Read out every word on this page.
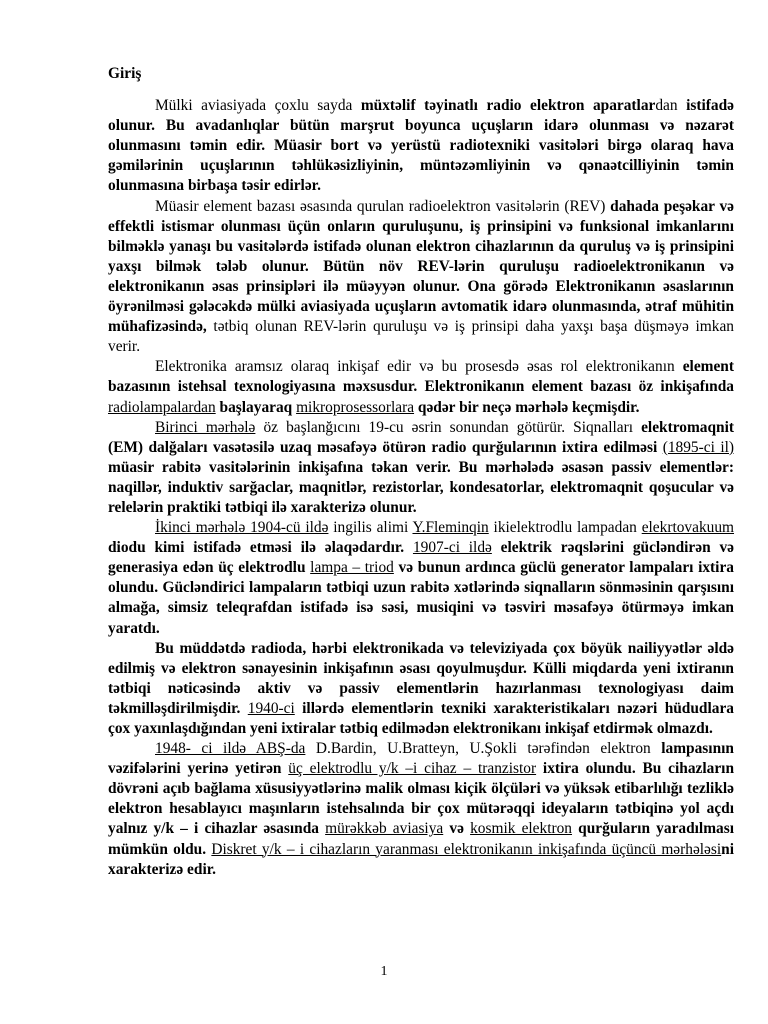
Giriş

Mülki aviasiyada çoxlu sayda müxtəlif təyinatlı radio elektron aparatlardan istifadə olunur. Bu avadanlıqlar bütün marşrut boyunca uçuşların idarə olunması və nəzarət olunmasını təmin edir. Müasir bort və yerüstü radiotexniki vasitələri birgə olaraq hava gəmilərinin uçuşlarının təhlükəsizliyinin, müntəzəmliyinin və qənaətcilliyinin təmin olunmasına birbaşa təsir edirlər.

Müasir element bazası əsasında qurulan radioelektron vasitələrin (REV) dahada peşəkar və effektli istismar olunması üçün onların quruluşunu, iş prinsipini və funksional imkanlarını bilməklə yanaşı bu vasitələrdə istifadə olunan elektron cihazlarının da quruluş və iş prinsipini yaxşı bilmək tələb olunur. Bütün növ REV-lərin quruluşu radioelektronikanın və elektronikanın əsas prinsipləri ilə müəyyən olunur. Ona görədə Elektronikanın əsaslarının öyrənilməsi gələcəkdə mülki aviasiyada uçuşların avtomatik idarə olunmasında, ətraf mühitin mühafizəsində, tətbiq olunan REV-lərin quruluşu və iş prinsipi daha yaxşı başa düşməyə imkan verir.

Elektronika aramsız olaraq inkişaf edir və bu prosesdə əsas rol elektronikanın element bazasının istehsal texnologiyasına məxsusdur. Elektronikanın element bazası öz inkişafında radiolampalardan başlayaraq mikroprosessorlara qədər bir neçə mərhələ keçmişdir.

Birinci mərhələ öz başlanğıcını 19-cu əsrin sonundan götürür. Siqnalları elektromaqnit (EM) dalğaları vasətəsilə uzaq məsafəyə ötürən radio qurğularının ixtira edilməsi (1895-ci il) müasir rabitə vasitələrinin inkişafına təkan verir. Bu mərhələdə əsasən passiv elementlər: naqillər, induktiv sarğaclar, maqnitlər, rezistorlar, kondesatorlar, elektromaqnit qoşucular və relelərin praktiki tətbiqi ilə xarakterizə olunur.

İkinci mərhələ 1904-cü ildə ingilis alimi Y.Fleminqin ikielektrodlu lampadan elekrtovakuum diodu kimi istifadə etməsi ilə əlaqədardır. 1907-ci ildə elektrik rəqslərini gücləndirən və generasiya edən üç elektrodlu lampa – triod və bunun ardınca güclü generator lampaları ixtira olundu. Gücləndirici lampaların tətbiqi uzun rabitə xətlərində siqnalların sönməsinin qarşısını almağa, simsiz teleqrafdan istifadə isə səsi, musiqini və təsviri məsafəyə ötürməyə imkan yaratdı.

Bu müddətdə radioda, hərbi elektronikada və televiziyada çox böyük nailiyyətlər əldə edilmiş və elektron sənayesinin inkişafının əsası qoyulmuşdur. Külli miqdarda yeni ixtiranın tətbiqi nəticəsində aktiv və passiv elementlərin hazırlanması texnologiyası daim təkmilləşdirilmişdir. 1940-ci illərdə elementlərin texniki xarakteristikaları nəzəri hüdudlara çox yaxınlaşdığından yeni ixtiralar tətbiq edilmədən elektronikanı inkişaf etdirmək olmazdı.

1948- ci ildə ABŞ-da D.Bardin, U.Bratteyn, U.Şokli tərəfindən elektron lampasının vəzifələrini yerinə yetirən üç elektrodlu y/k –i cihaz – tranzistor ixtira olundu. Bu cihazların dövrəni açıb bağlama xüsusiyyətlərinə malik olması kiçik ölçüləri və yüksək etibarlılığı tezliklə elektron hesablayıcı maşınların istehsalında bir çox mütərəqqi ideyaların tətbiqinə yol açdı yalnız y/k – i cihazlar əsasında mürəkkəb aviasiya və kosmik elektron qurğuların yaradılması mümkün oldu. Diskret y/k – i cihazların yaranması elektronikanın inkişafında üçüncü mərhələsini xarakterizə edir.

1
